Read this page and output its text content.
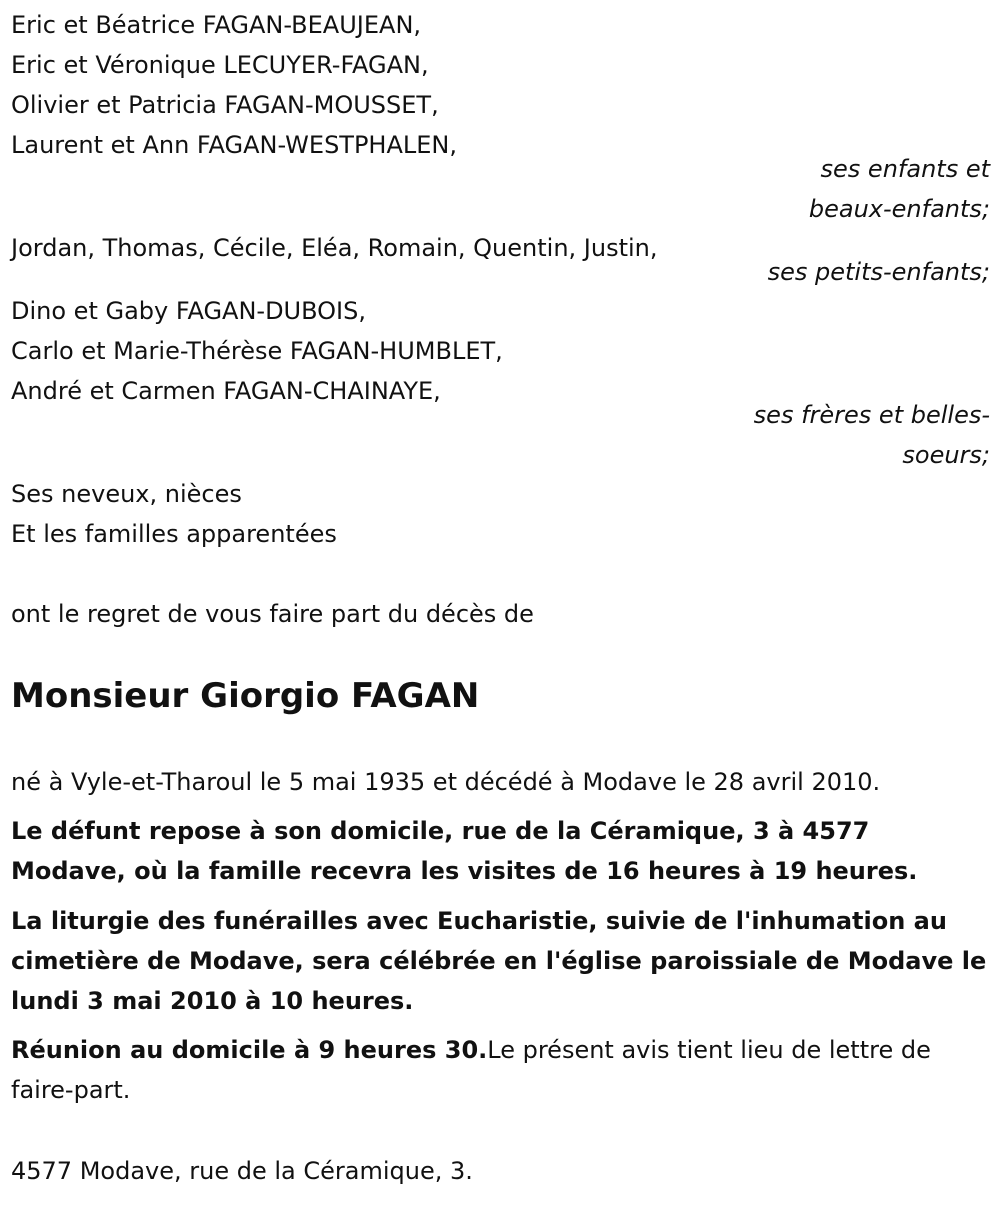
Eric et Béatrice FAGAN-BEAUJEAN,
Eric et Véronique LECUYER-FAGAN,
Olivier et Patricia FAGAN-MOUSSET,
Laurent et Ann FAGAN-WESTPHALEN,
ses enfants et
beaux-enfants;
Jordan, Thomas, Cécile, Eléa, Romain, Quentin, Justin,
ses petits-enfants;
Dino et Gaby FAGAN-DUBOIS,
Carlo et Marie-Thérèse FAGAN-HUMBLET,
André et Carmen FAGAN-CHAINAYE,
ses frères et belles-
soeurs;
Ses neveux, nièces
Et les familles apparentées
ont le regret de vous faire part du décès de
Monsieur Giorgio FAGAN
né à Vyle-et-Tharoul le 5 mai 1935 et décédé à Modave le 28 avril 2010.
Le défunt repose à son domicile, rue de la Céramique, 3 à 4577 Modave, où la famille recevra les visites de 16 heures à 19 heures.
La liturgie des funérailles avec Eucharistie, suivie de l'inhumation au cimetière de Modave, sera célébrée en l'église paroissiale de Modave le lundi 3 mai 2010 à 10 heures.
Réunion au domicile à 9 heures 30.Le présent avis tient lieu de lettre de faire-part.
4577 Modave, rue de la Céramique, 3.
